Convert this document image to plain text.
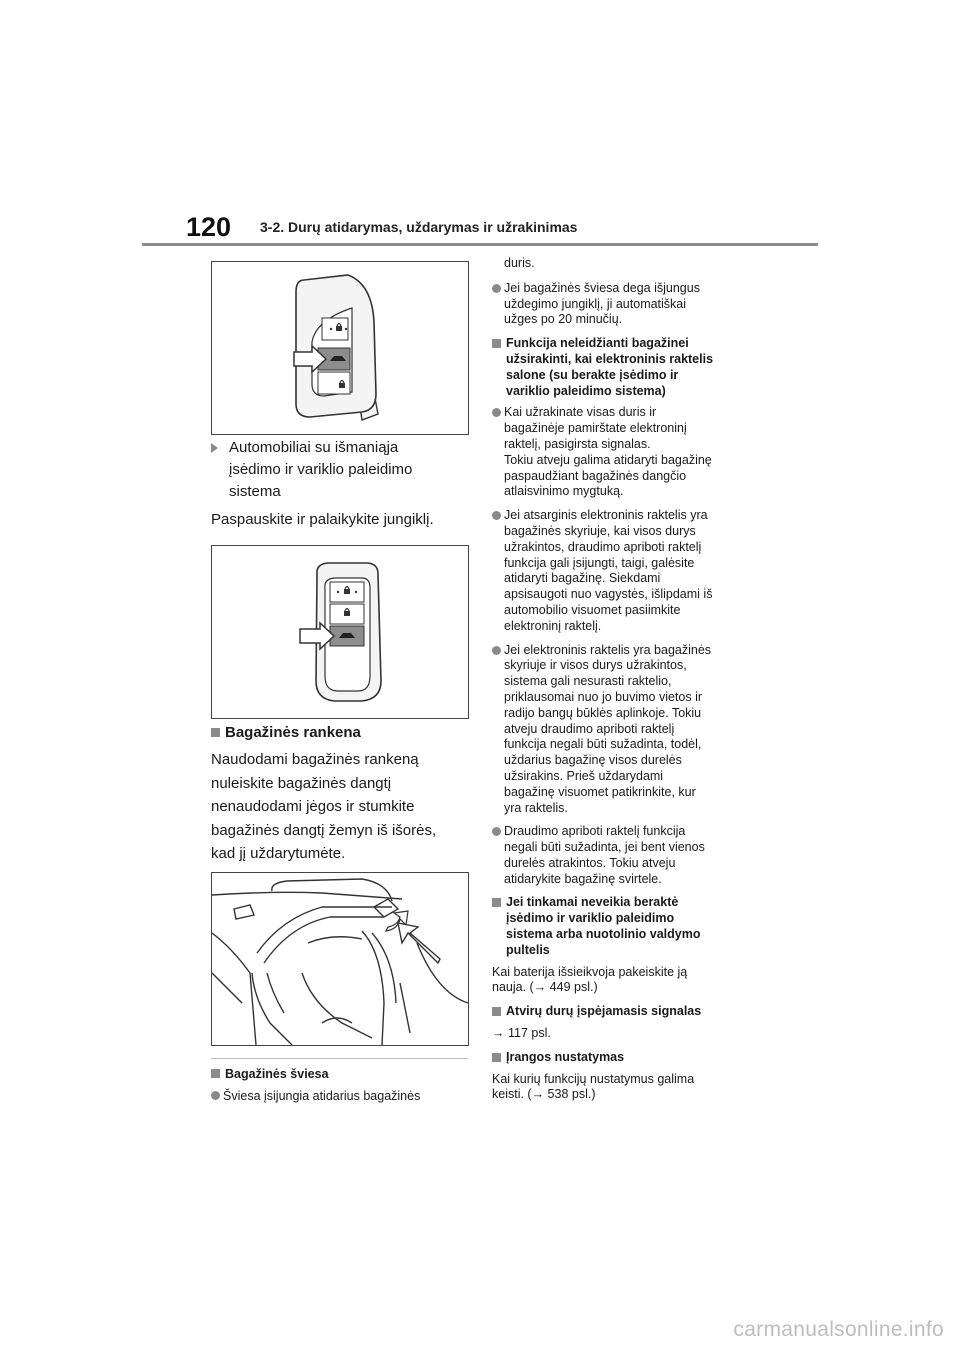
120 3-2. Durų atidarymas, uždarymas ir užrakinimas
Automobiliai su išmaniąja
įsėdimo ir variklio paleidimo
sistema
Paspauskite ir palaikykite jungiklį.
Bagažinės rankena
Naudodami bagažinės rankeną
nuleiskite bagažinės dangtį
nenaudodami jėgos ir stumkite
bagažinės dangtį žemyn iš išorės,
kad jį uždarytumėte.
Bagažinės šviesa
Šviesa įsijungia atidarius bagažinės
duris.
Jei bagažinės šviesa dega išjungus
uždegimo jungiklį, ji automatiškai
užges po 20 minučių.
Funkcija neleidžianti bagažinei
užsirakinti, kai elektroninis raktelis
salone (su berakte įsėdimo ir
variklio paleidimo sistema)
Kai užrakinate visas duris ir
bagažinėje pamirštate elektroninį
raktelį, pasigirsta signalas.
Tokiu atveju galima atidaryti bagažinę
paspaudžiant bagažinės dangčio
atlaisvinimo mygtuką.
Jei atsarginis elektroninis raktelis yra
bagažinės skyriuje, kai visos durys
užrakintos, draudimo apriboti raktelį
funkcija gali įsijungti, taigi, galėsite
atidaryti bagažinę. Siekdami
apsisaugoti nuo vagystės, išlipdami iš
automobilio visuomet pasiimkite
elektroninį raktelį.
Jei elektroninis raktelis yra bagažinės
skyriuje ir visos durys užrakintos,
sistema gali nesurasti raktelio,
priklausomai nuo jo buvimo vietos ir
radijo bangų būklės aplinkoje. Tokiu
atveju draudimo apriboti raktelį
funkcija negali būti sužadinta, todėl,
uždarius bagažinę visos durelės
užsirakins. Prieš uždarydami
bagažinę visuomet patikrinkite, kur
yra raktelis.
Draudimo apriboti raktelį funkcija
negali būti sužadinta, jei bent vienos
durelės atrakintos. Tokiu atveju
atidarykite bagažinę svirtele.
Jei tinkamai neveikia beraktė
įsėdimo ir variklio paleidimo
sistema arba nuotolinio valdymo
pultelis
Kai baterija išsieikvoja pakeiskite ją
nauja. (→ 449 psl.)
Atvirų durų įspėjamasis signalas
→ 117 psl.
Įrangos nustatymas
Kai kurių funkcijų nustatymus galima
keisti. (→ 538 psl.)
carmanualsonline.info
